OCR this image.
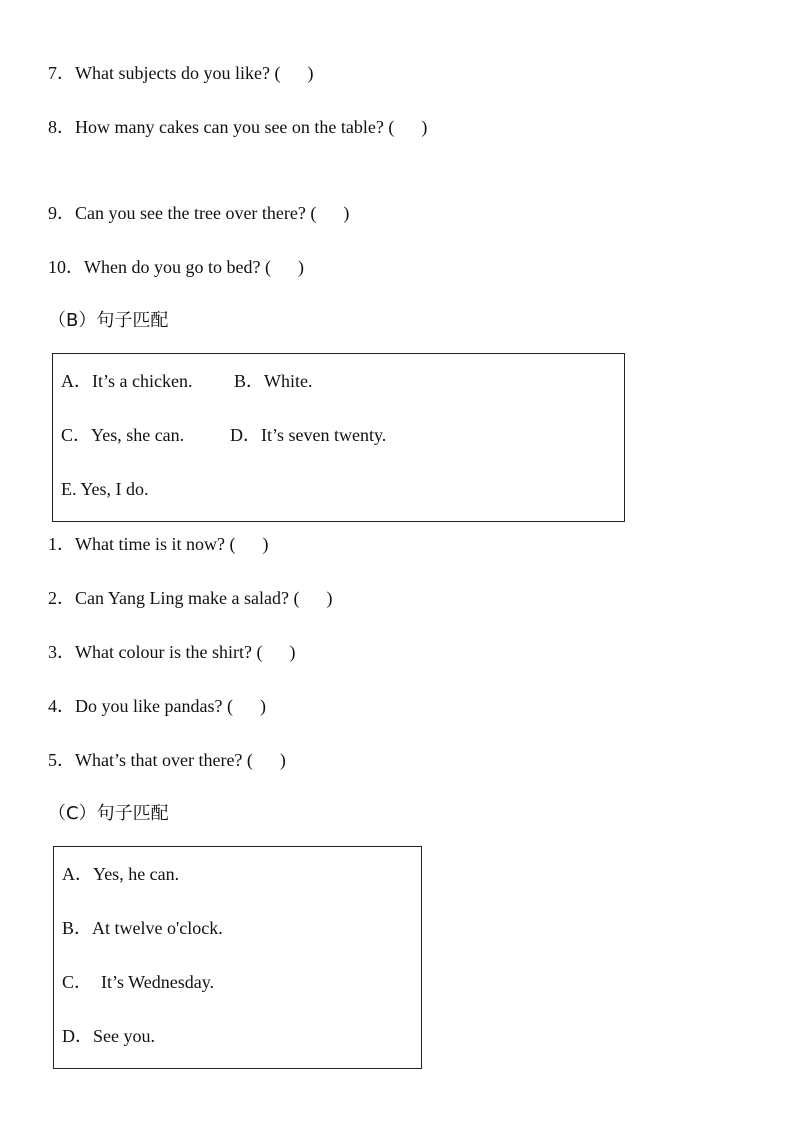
7．What subjects do you like? (      )
8．How many cakes can you see on the table? (      )
9．Can you see the tree over there? (      )
10．When do you go to bed? (      )
（B）句子匹配
A．It’s a chicken. B．White.
C．Yes, she can.	D．It’s seven twenty.
E. Yes, I do.
1．What time is it now? (      )
2．Can Yang Ling make a salad? (      )
3．What colour is the shirt? (      )
4．Do you like pandas? (      )
5．What’s that over there? (      )
（C）句子匹配
A．Yes, he can.
B．At twelve o'clock.
C．  It’s Wednesday.
D．See you.
